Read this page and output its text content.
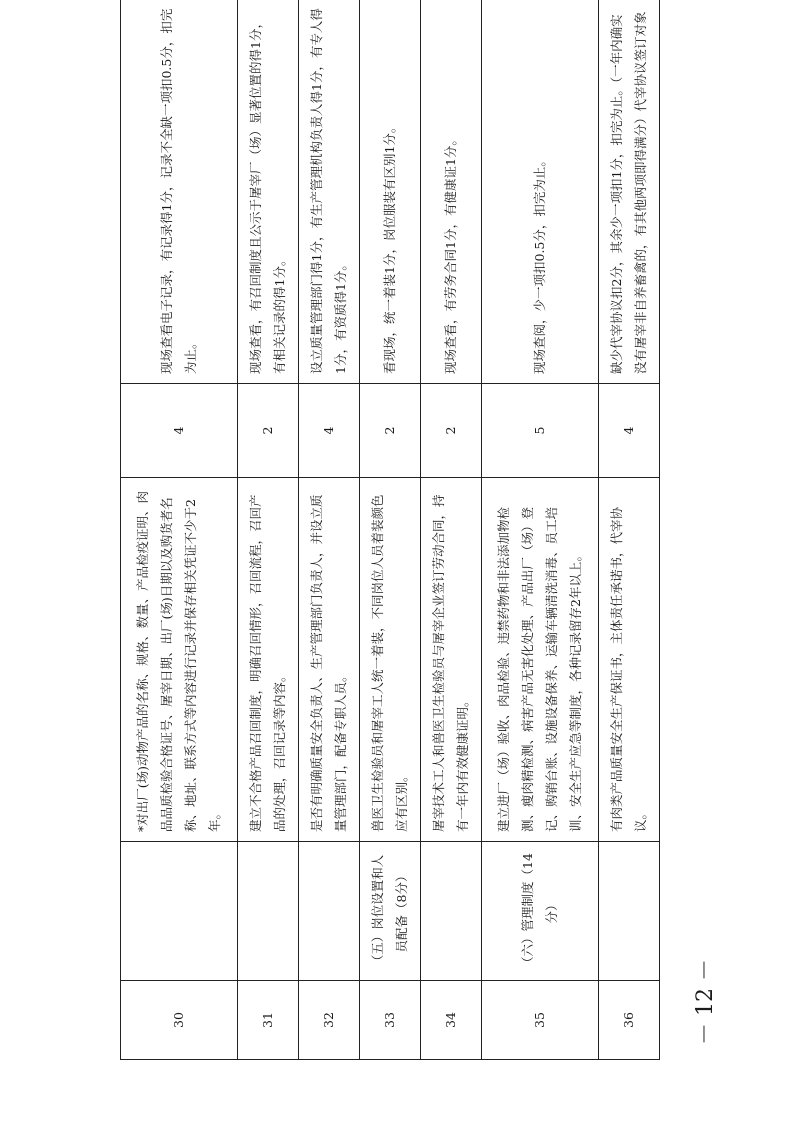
30		*对出厂(场)动物产品的名称、规格、数量、产品检疫证明、肉品品质检验合格证号、屠宰日期、出厂(场)日期以及购货者名称、地址、联系方式等内容进行记录并保存相关凭证不少于2年。	4	现场查看电子记录，有记录得1分，记录不全缺一项扣0.5分，扣完为止。	
31		建立不合格产品召回制度，明确召回情形，召回流程，召回产品的处理，召回记录等内容。	2	现场查看，有召回制度且公示于屠宰厂（场）显著位置的得1分，有相关记录的得1分。	
32		是否有明确质量安全负责人、生产管理部门负责人，并设立质量管理部门，配备专职人员。	4	设立质量管理部门得1分，有生产管理机构负责人得1分，有专人得1分，有资质得1分。	
33	（五）岗位设置和人员配备（8分）	兽医卫生检验员和屠宰工人统一着装，不同岗位人员着装颜色应有区别。	2	看现场，统一着装1分，岗位服装有区别1分。	
34		屠宰技术工人和兽医卫生检验员与屠宰企业签订劳动合同，持有一年内有效健康证明。	2	现场查看，有劳务合同1分，有健康证1分。	
35	（六）管理制度（14分）	建立进厂（场）验收、肉品检验、违禁药物和非法添加物检测、瘦肉精检测、病害产品无害化处理、产品出厂（场）登记、购销台账、设施设备保养、运输车辆清洗消毒、员工培训、安全生产应急等制度，各种记录留存2年以上。	5	现场查阅，少一项扣0.5分，扣完为止。	
36		有肉类产品质量安全生产保证书，主体责任承诺书，代宰协议。	4	缺少代宰协议扣2分，其余少一项扣1分，扣完为止。（一年内确实没有屠宰非自养畜禽的，有其他两项即得满分）代宰协议签订对象	
－ 12 －
